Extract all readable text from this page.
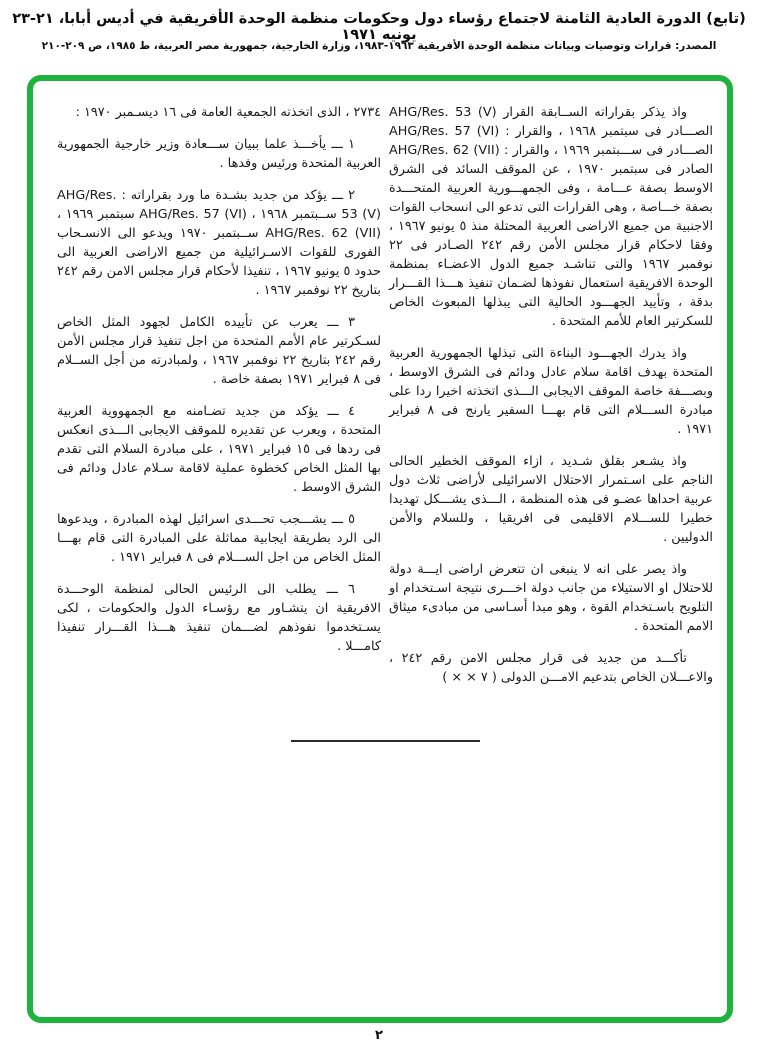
(تابع) الدورة العادية الثامنة لاجتماع رؤساء دول وحكومات منظمة الوحدة الأفريقية في أديس أبابا، ٢١-٢٣ يونيه ١٩٧١
المصدر: قرارات وتوصيات وبيانات منظمة الوحدة الأفريقية ١٩٦٣-١٩٨٣، وزارة الخارجية، جمهورية مصر العربية، ط ١٩٨٥، ص ٢٠٩-٢١٠

واذ يذكر بقراراته الســابقة القرار AHG/Res. 53 (V) الصـــادر فى سبتمبر ١٩٦٨ ، والقرار : AHG/Res. 57 (VI) الصـــادر فى ســـبتمبر ١٩٦٩ ، والقرار : AHG/Res. 62 (VII) الصادر فى سبتمبر ١٩٧٠ ، عن الموقف السائد فى الشرق الاوسط بصفة عـــامة ، وفى الجمهـــورية العربية المتحـــدة بصفة خـــاصة ، وهى القرارات التى تدعو الى انسحاب القوات الاجنبية من جميع الاراضى العربية المحتلة منذ ٥ يونيو ١٩٦٧ ، وفقا لاحكام قرار مجلس الأمن رقم ٢٤٢ الصـادر فى ٢٢ نوفمبر ١٩٦٧ والتى تناشـد جميع الدول الاعضـاء بمنظمة الوحدة الافريقية استعمال نفوذها لضـمان تنفيذ هـــذا القـــرار بدقة ، وتأييد الجهـــود الحالية التى يبذلها المبعوث الخاص للسكرتير العام للأمم المتحدة .

واذ يدرك الجهـــود البناءة التى تبذلها الجمهورية العربية المتحدة بهدف اقامة سلام عادل ودائم فى الشرق الاوسط ، وبصـــفة خاصة الموقف الايجابى الـــذى اتخذته اخيرا ردا على مبادرة الســـلام التى قام بهـــا السفير يارنج فى ٨ فبراير ١٩٧١ .

واذ يشـعر بقلق شـديد ، ازاء الموقف الخطير الحالى الناجم على اسـتمرار الاحتلال الاسرائيلى لأراضى ثلاث دول عربية احداها عضـو فى هذه المنظمة ، الـــذى يشـــكل تهديدا خطيرا للســـلام الاقليمى فى افريقيا ، وللسلام والأمن الدوليين .

واذ يصر على انه لا ينبغى ان تتعرض اراضى ايـــة دولة للاحتلال او الاستيلاء من جانب دولة اخـــرى نتيجة اسـتخدام او التلويح باسـتخدام القوة ، وهو مبدا أسـاسى من مبادىء ميثاق الامم المتحدة .

تأكـــد من جديد فى قرار مجلس الامن رقم ٢٤٢ ، والاعـــلان الخاص بتدعيم الامـــن الدولى ( ٧ × × )

٢٧٣٤ ، الذى اتخذته الجمعية العامة فى ١٦ ديسـمبر ١٩٧٠ :

١ ـــ يأخـــذ علما ببيان ســـعادة وزير خارجية الجمهورية العربية المتحدة ورئيس وفدها .

٢ ـــ يؤكد من جديد بشـدة ما ورد بقراراته : AHG/Res. 53 (V) ســبتمبر ١٩٦٨ ، AHG/Res. 57 (VI) سبتمبر ١٩٦٩ ، AHG/Res. 62 (VII) ســبتمبر ١٩٧٠ ويدعو الى الانسـحاب الفورى للقوات الاسـرائيلية من جميع الاراضى العربية الى حدود ٥ يونيو ١٩٦٧ ، تنفيذا لأحكام قرار مجلس الامن رقم ٢٤٢ بتاريخ ٢٢ نوفمبر ١٩٦٧ .

٣ ـــ يعرب عن تأييده الكامل لجهود المثل الخاص لسـكرتير عام الأمم المتحدة من اجل تنفيذ قرار مجلس الأمن رقم ٢٤٢ بتاريخ ٢٢ نوفمبر ١٩٦٧ ، ولمبادرته من أجل الســلام فى ٨ فبراير ١٩٧١ بصفة خاصة .

٤ ـــ يؤكد من جديد تضـامنه مع الجمهووية العربية المتحدة ، ويعرب عن تقديره للموقف الايجابى الـــذى انعكس فى ردها فى ١٥ فبراير ١٩٧١ ، على مبادرة السلام التى تقدم بها المثل الخاص كخطوة عملية لاقامة سـلام عادل ودائم فى الشرق الاوسط .

٥ ـــ يشـــجب تحـــدى اسرائيل لهذه المبادرة ، ويدعوها الى الرد بطريقة ايجابية مماثلة على المبادرة التى قام بهـــا المثل الخاص من اجل الســـلام فى ٨ فبراير ١٩٧١ .

٦ ـــ يطلب الى الرئيس الحالى لمنظمة الوحـــدة الافريقية ان يتشـاور مع رؤسـاء الدول والحكومات ، لكى يسـتخدموا نفوذهم لضـــمان تنفيذ هـــذا القـــرار تنفيذا كامـــلا .

٢
